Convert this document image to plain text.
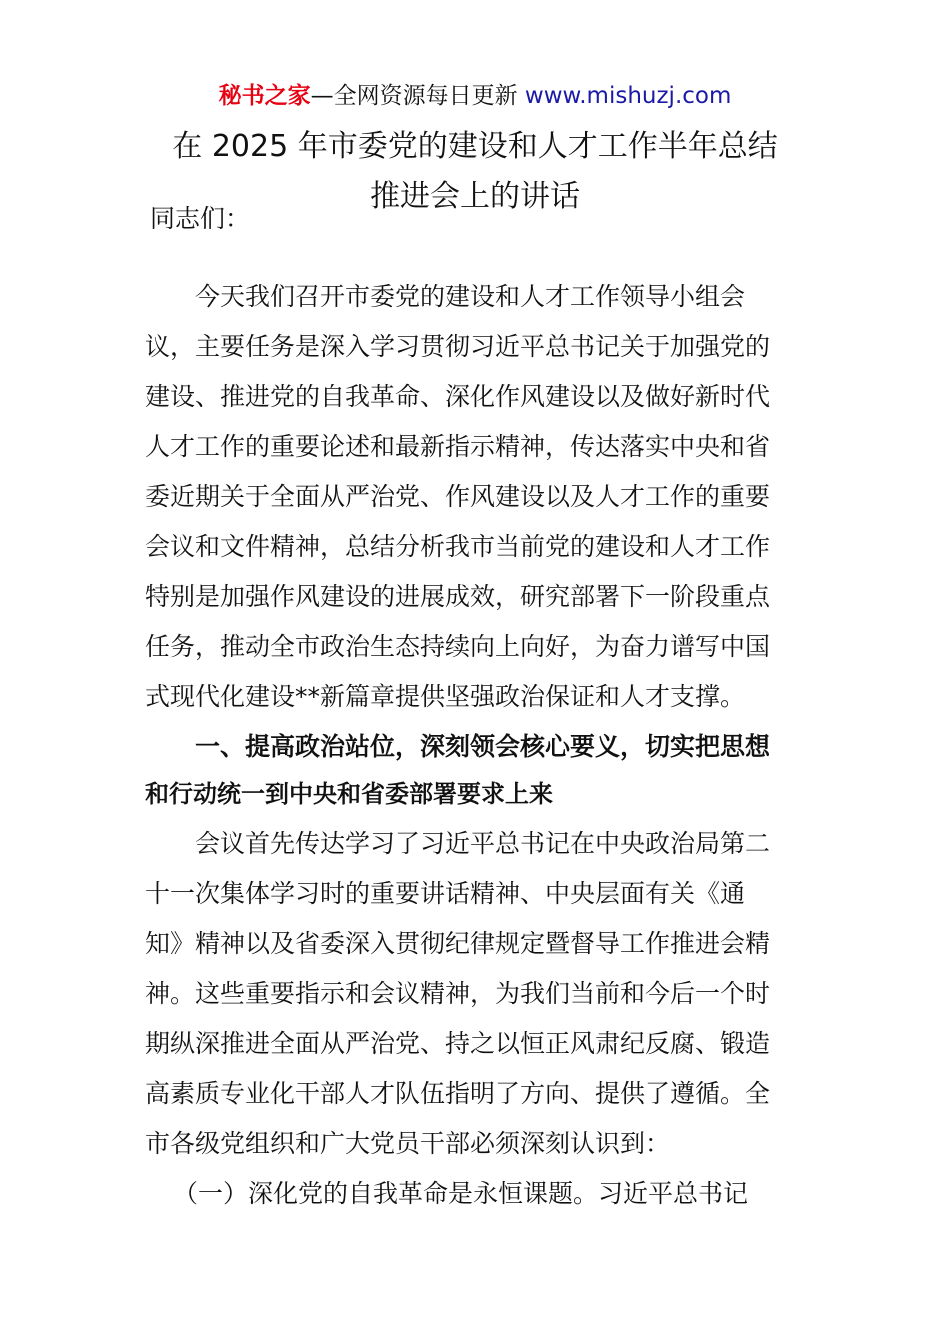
秘书之家—全网资源每日更新 www.mishuzj.com
在 2025 年市委党的建设和人才工作半年总结
推进会上的讲话
同志们：
今天我们召开市委党的建设和人才工作领导小组会
议，主要任务是深入学习贯彻习近平总书记关于加强党的
建设、推进党的自我革命、深化作风建设以及做好新时代
人才工作的重要论述和最新指示精神，传达落实中央和省
委近期关于全面从严治党、作风建设以及人才工作的重要
会议和文件精神，总结分析我市当前党的建设和人才工作
特别是加强作风建设的进展成效，研究部署下一阶段重点
任务，推动全市政治生态持续向上向好，为奋力谱写中国
式现代化建设**新篇章提供坚强政治保证和人才支撑。
一、提高政治站位，深刻领会核心要义，切实把思想
和行动统一到中央和省委部署要求上来
会议首先传达学习了习近平总书记在中央政治局第二
十一次集体学习时的重要讲话精神、中央层面有关《通
知》精神以及省委深入贯彻纪律规定暨督导工作推进会精
神。这些重要指示和会议精神，为我们当前和今后一个时
期纵深推进全面从严治党、持之以恒正风肃纪反腐、锻造
高素质专业化干部人才队伍指明了方向、提供了遵循。全
市各级党组织和广大党员干部必须深刻认识到：
（一）深化党的自我革命是永恒课题。习近平总书记
